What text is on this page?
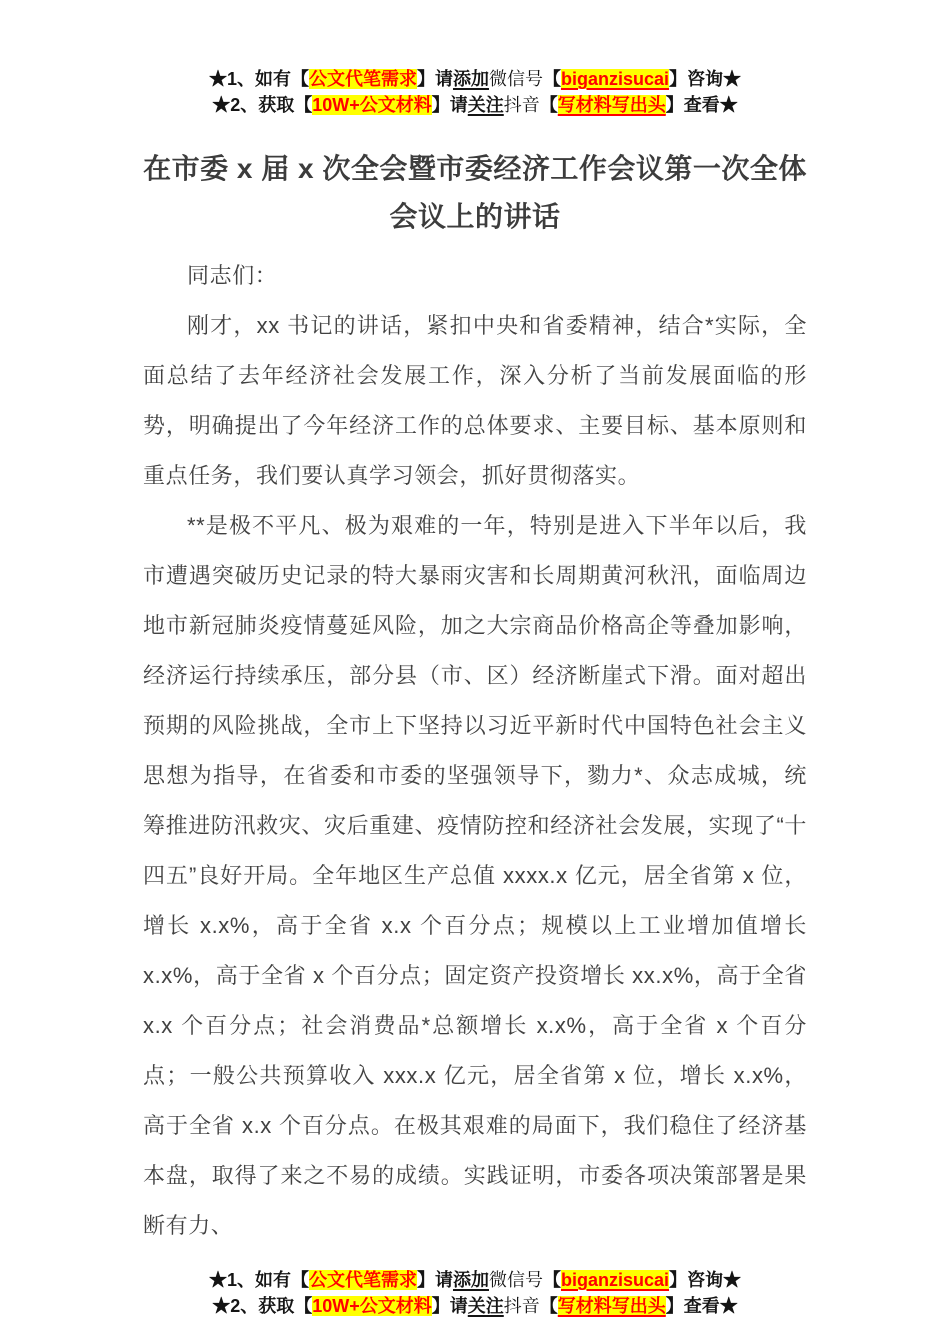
★1、如有【公文代笔需求】请添加微信号【biganzisucai】咨询★
★2、获取【10W+公文材料】请关注抖音【写材料写出头】查看★
在市委 x 届 x 次全会暨市委经济工作会议第一次全体会议上的讲话

同志们：

刚才，xx 书记的讲话，紧扣中央和省委精神，结合*实际，全面总结了去年经济社会发展工作，深入分析了当前发展面临的形势，明确提出了今年经济工作的总体要求、主要目标、基本原则和重点任务，我们要认真学习领会，抓好贯彻落实。

**是极不平凡、极为艰难的一年，特别是进入下半年以后，我市遭遇突破历史记录的特大暴雨灾害和长周期黄河秋汛，面临周边地市新冠肺炎疫情蔓延风险，加之大宗商品价格高企等叠加影响，经济运行持续承压，部分县（市、区）经济断崖式下滑。面对超出预期的风险挑战，全市上下坚持以习近平新时代中国特色社会主义思想为指导，在省委和市委的坚强领导下，勠力*、众志成城，统筹推进防汛救灾、灾后重建、疫情防控和经济社会发展，实现了“十四五”良好开局。全年地区生产总值 xxxx.x 亿元，居全省第 x 位，增长 x.x%，高于全省 x.x 个百分点；规模以上工业增加值增长 x.x%，高于全省 x 个百分点；固定资产投资增长 xx.x%，高于全省 x.x 个百分点；社会消费品*总额增长 x.x%，高于全省 x 个百分点；一般公共预算收入 xxx.x 亿元，居全省第 x 位，增长 x.x%，高于全省 x.x 个百分点。在极其艰难的局面下，我们稳住了经济基本盘，取得了来之不易的成绩。实践证明，市委各项决策部署是果断有力、

★1、如有【公文代笔需求】请添加微信号【biganzisucai】咨询★
★2、获取【10W+公文材料】请关注抖音【写材料写出头】查看★
